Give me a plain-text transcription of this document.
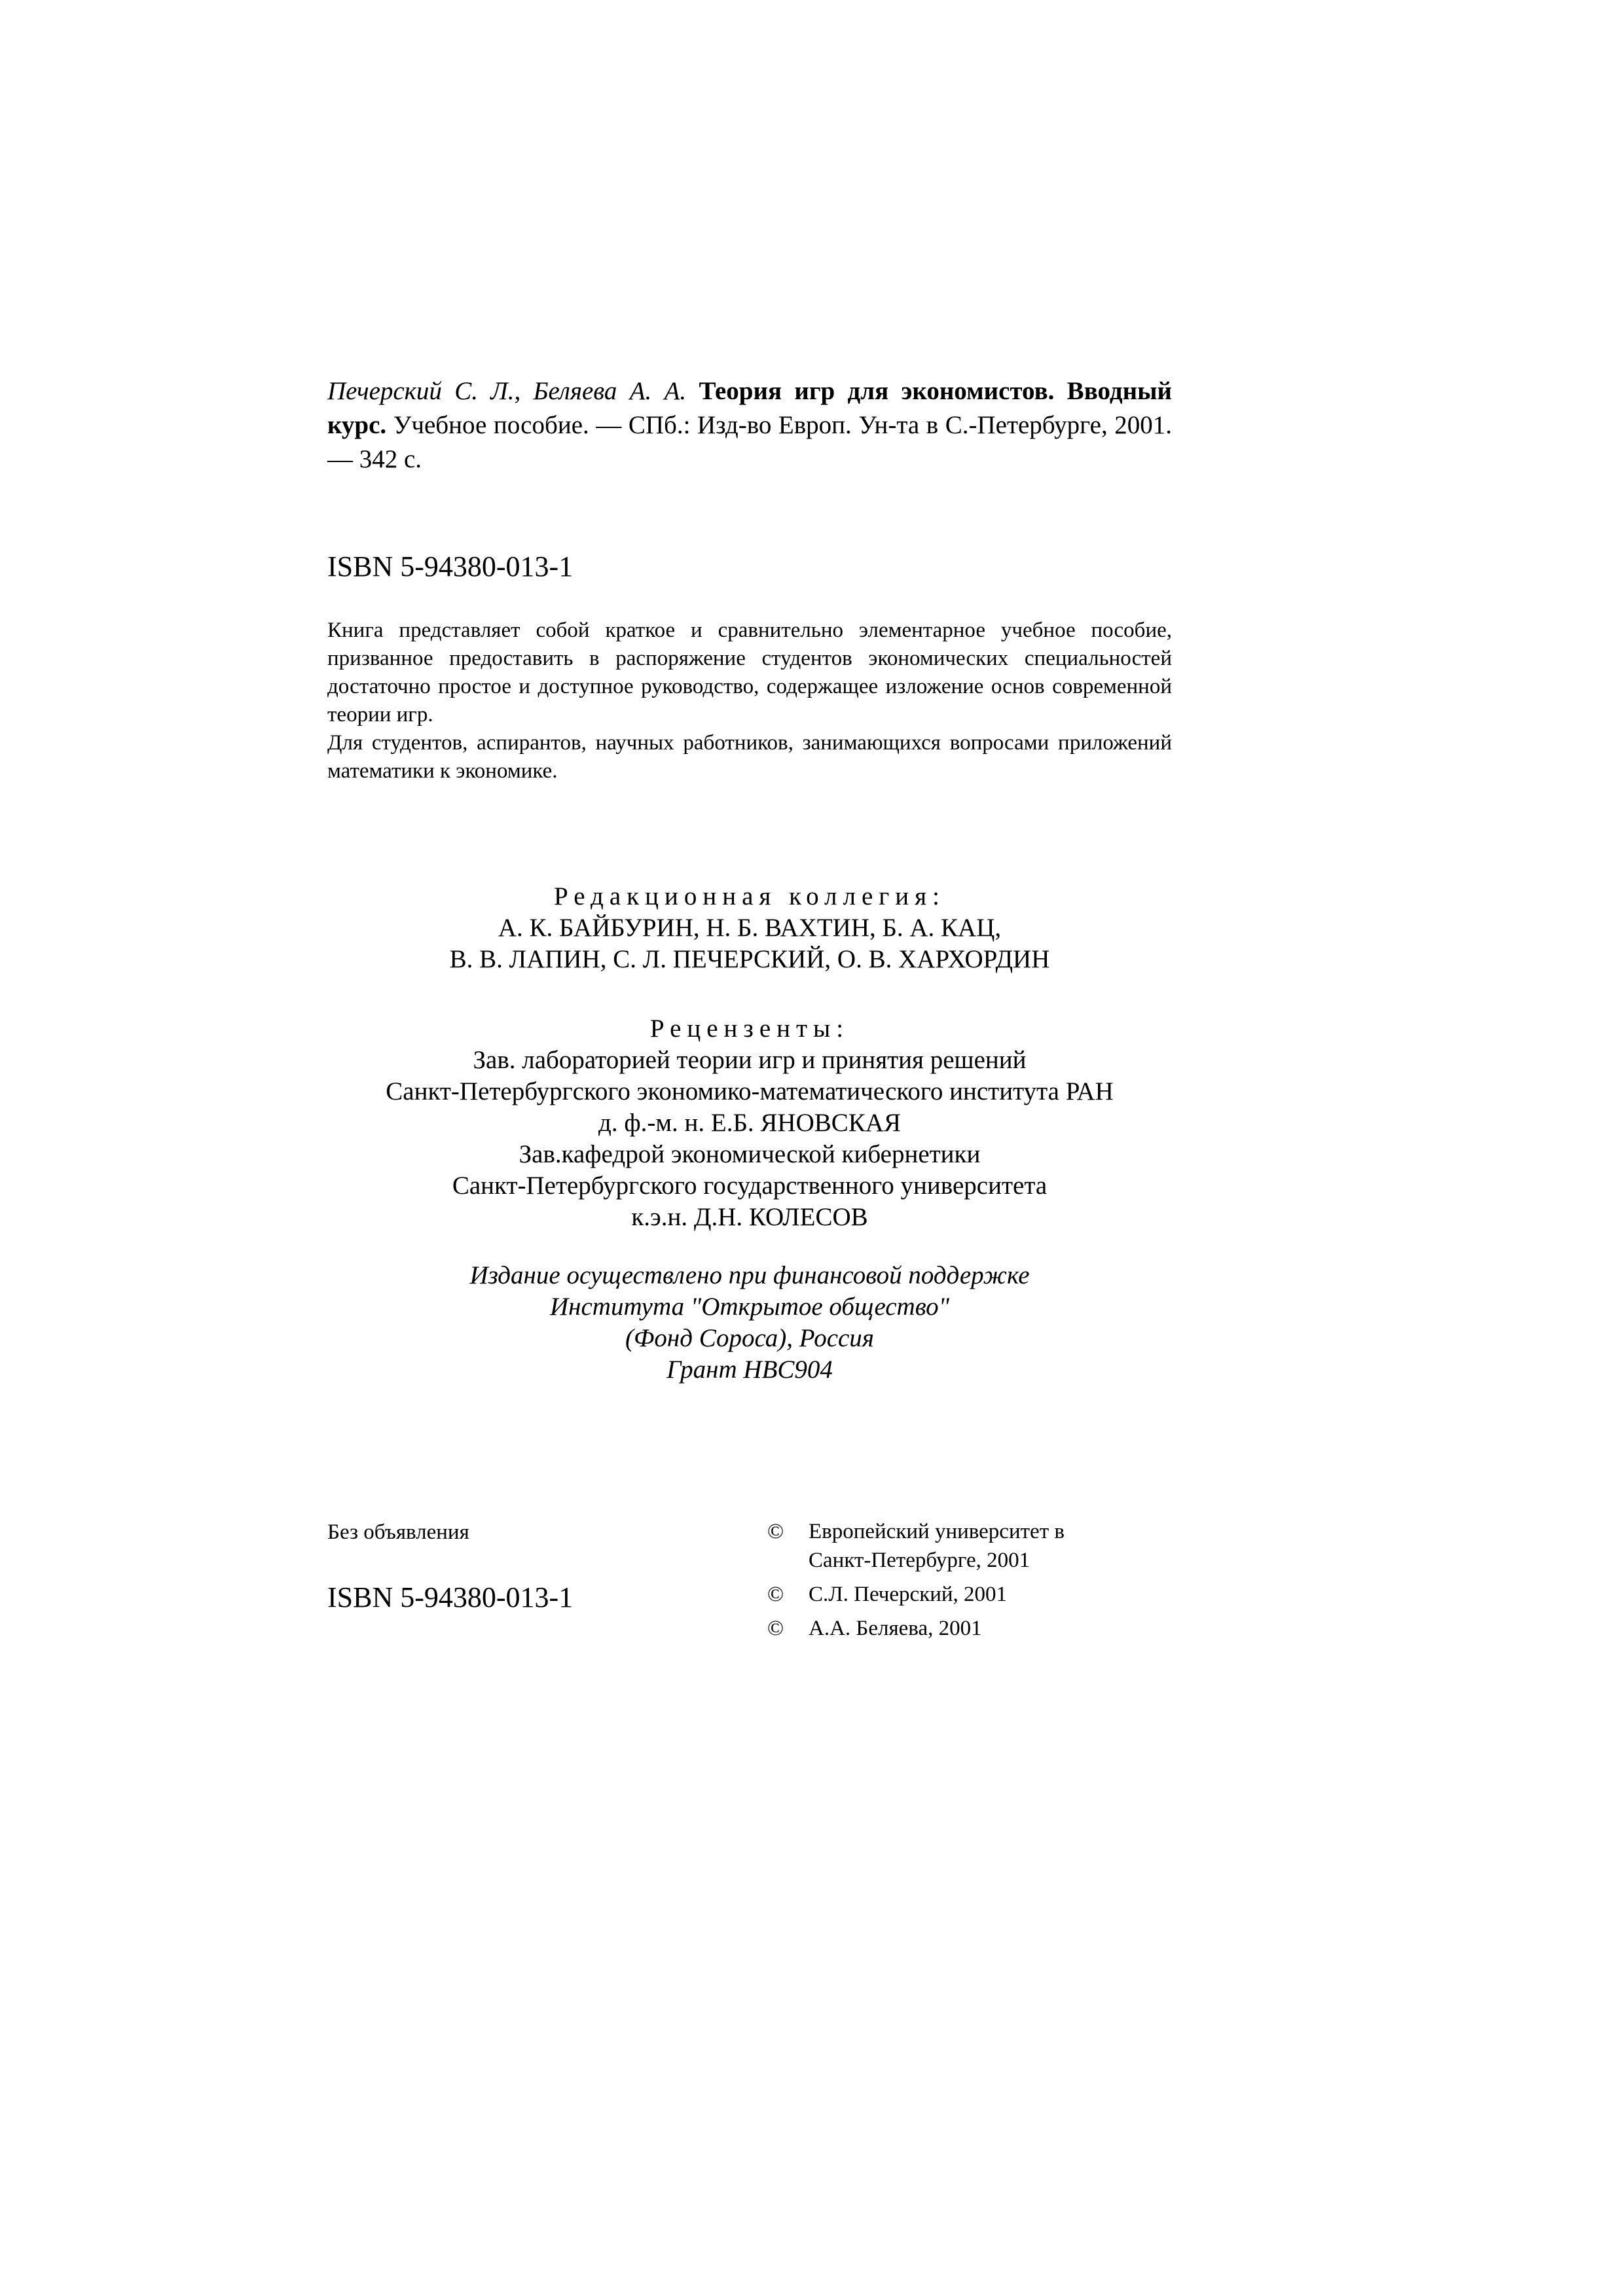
Печерский С. Л., Беляева А. А. Теория игр для экономистов. Вводный курс. Учебное пособие. — СПб.: Изд-во Европ. Ун-та в С.-Петербурге, 2001. — 342 с.
ISBN 5-94380-013-1

Книга представляет собой краткое и сравнительно элементарное учебное пособие, призванное предоставить в распоряжение студентов экономических специальностей достаточно простое и доступное руководство, содержащее изложение основ современной теории игр.

Для студентов, аспирантов, научных работников, занимающихся вопросами приложений математики к экономике.

Редакционная коллегия:
А. К. БАЙБУРИН, Н. Б. ВАХТИН, Б. А. КАЦ,
В. В. ЛАПИН, С. Л. ПЕЧЕРСКИЙ, О. В. ХАРХОРДИН
Рецензенты:
Зав. лабораторией теории игр и принятия решений
Санкт-Петербургского экономико-математического института РАН
д. ф.-м. н. Е.Б. ЯНОВСКАЯ
Зав.кафедрой экономической кибернетики
Санкт-Петербургского государственного университета
к.э.н. Д.Н. КОЛЕСОВ
Издание осуществлено при финансовой поддержке
Института "Открытое общество"
(Фонд Сороса), Россия
Грант HBC904
Без объявления
ISBN 5-94380-013-1
© Европейский университет в
Санкт-Петербурге, 2001
© С.Л. Печерский, 2001
© А.А. Беляева, 2001
